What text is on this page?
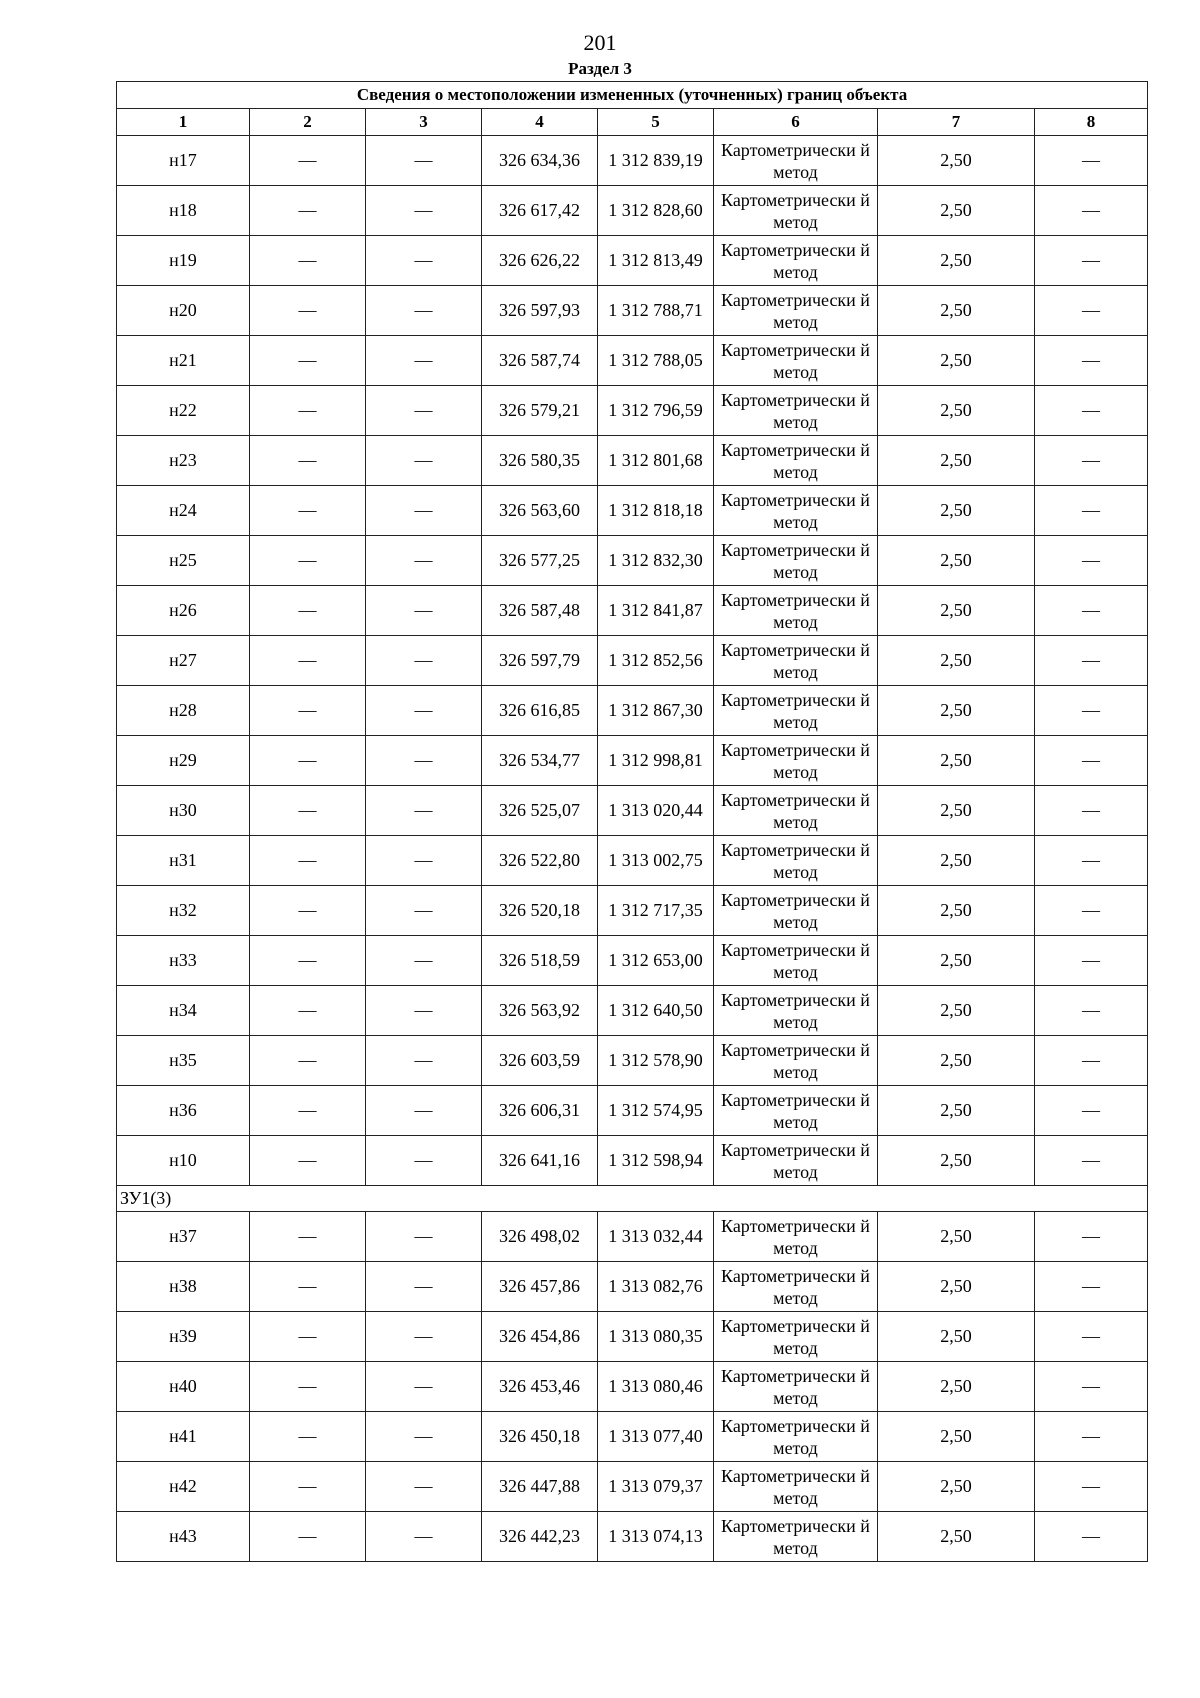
201
Раздел 3
Сведения о местоположении измененных (уточненных) границ объекта							
1	2	3	4	5	6	7	8
н17	—	—	326 634,36	1 312 839,19	Картометрически й метод	2,50	—
н18	—	—	326 617,42	1 312 828,60	Картометрически й метод	2,50	—
н19	—	—	326 626,22	1 312 813,49	Картометрически й метод	2,50	—
н20	—	—	326 597,93	1 312 788,71	Картометрически й метод	2,50	—
н21	—	—	326 587,74	1 312 788,05	Картометрически й метод	2,50	—
н22	—	—	326 579,21	1 312 796,59	Картометрически й метод	2,50	—
н23	—	—	326 580,35	1 312 801,68	Картометрически й метод	2,50	—
н24	—	—	326 563,60	1 312 818,18	Картометрически й метод	2,50	—
н25	—	—	326 577,25	1 312 832,30	Картометрически й метод	2,50	—
н26	—	—	326 587,48	1 312 841,87	Картометрически й метод	2,50	—
н27	—	—	326 597,79	1 312 852,56	Картометрически й метод	2,50	—
н28	—	—	326 616,85	1 312 867,30	Картометрически й метод	2,50	—
н29	—	—	326 534,77	1 312 998,81	Картометрически й метод	2,50	—
н30	—	—	326 525,07	1 313 020,44	Картометрически й метод	2,50	—
н31	—	—	326 522,80	1 313 002,75	Картометрически й метод	2,50	—
н32	—	—	326 520,18	1 312 717,35	Картометрически й метод	2,50	—
н33	—	—	326 518,59	1 312 653,00	Картометрически й метод	2,50	—
н34	—	—	326 563,92	1 312 640,50	Картометрически й метод	2,50	—
н35	—	—	326 603,59	1 312 578,90	Картометрически й метод	2,50	—
н36	—	—	326 606,31	1 312 574,95	Картометрически й метод	2,50	—
н10	—	—	326 641,16	1 312 598,94	Картометрически й метод	2,50	—
ЗУ1(3)							
н37	—	—	326 498,02	1 313 032,44	Картометрически й метод	2,50	—
н38	—	—	326 457,86	1 313 082,76	Картометрически й метод	2,50	—
н39	—	—	326 454,86	1 313 080,35	Картометрически й метод	2,50	—
н40	—	—	326 453,46	1 313 080,46	Картометрически й метод	2,50	—
н41	—	—	326 450,18	1 313 077,40	Картометрически й метод	2,50	—
н42	—	—	326 447,88	1 313 079,37	Картометрически й метод	2,50	—
н43	—	—	326 442,23	1 313 074,13	Картометрически й метод	2,50	—
